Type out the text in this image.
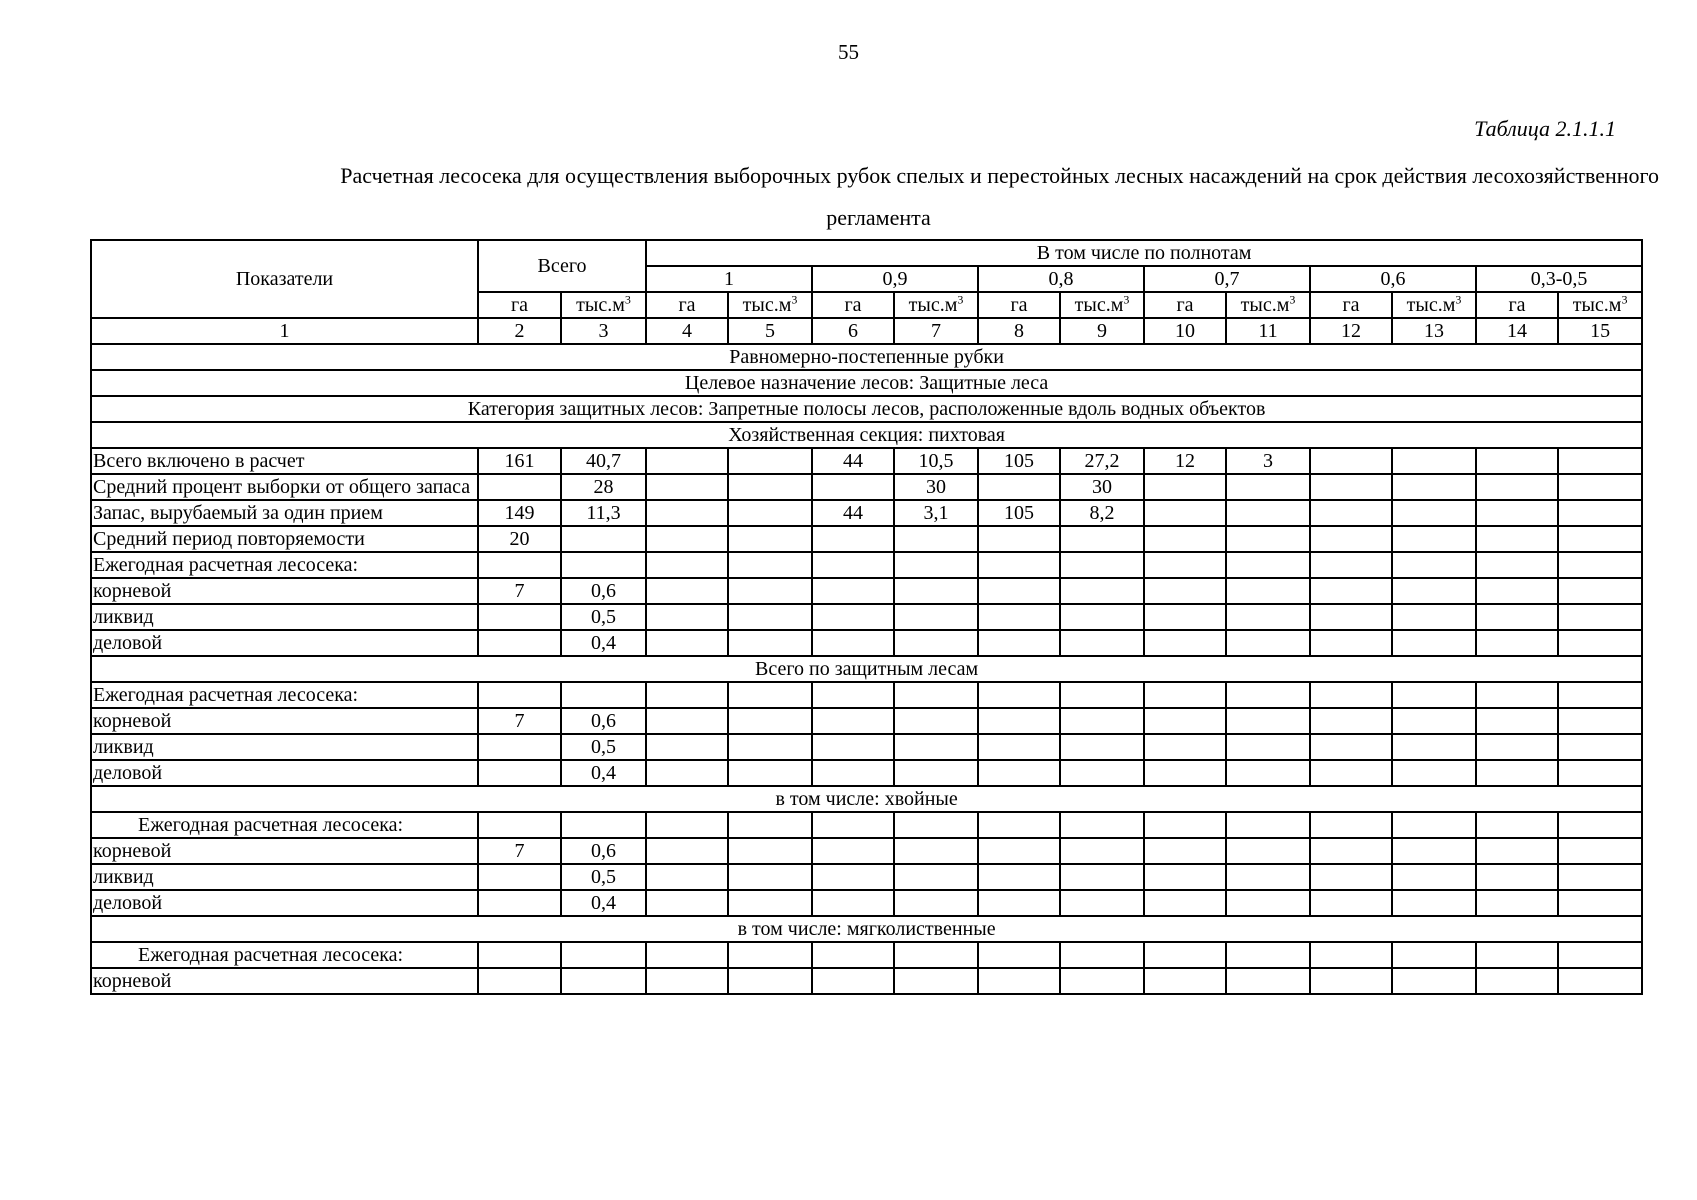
55
Таблица 2.1.1.1
Расчетная лесосека для осуществления выборочных рубок спелых и перестойных лесных насаждений на срок действия лесохозяйственного
регламента
Показатели	Всего		В том числе по полнотам											
			1		0,9		0,8		0,7		0,6		0,3-0,5	
	га	$тыс.м^3$	га	$тыс.м^3$	га	$тыс.м^3$	га	$тыс.м^3$	га	$тыс.м^3$	га	$тыс.м^3$	га	$тыс.м^3$
1	2	3	4	5	6	7	8	9	10	11	12	13	14	15
Равномерно-постепенные рубки														
Целевое назначение лесов: Защитные леса														
Категория защитных лесов: Запретные полосы лесов, расположенные вдоль водных объектов														
Хозяйственная секция: пихтовая														
Всего включено в расчет	161	40,7			44	10,5	105	27,2	12	3				
Средний процент выборки от общего запаса		28				30		30						
Запас, вырубаемый за один прием	149	11,3			44	3,1	105	8,2						
Средний период повторяемости	20													
Ежегодная расчетная лесосека:														
корневой	7	0,6												
ликвид		0,5												
деловой		0,4												
Всего по защитным лесам														
Ежегодная расчетная лесосека:														
корневой	7	0,6												
ликвид		0,5												
деловой		0,4												
в том числе: хвойные														
Ежегодная расчетная лесосека:														
корневой	7	0,6												
ликвид		0,5												
деловой		0,4												
в том числе: мягколиственные														
Ежегодная расчетная лесосека:														
корневой														
